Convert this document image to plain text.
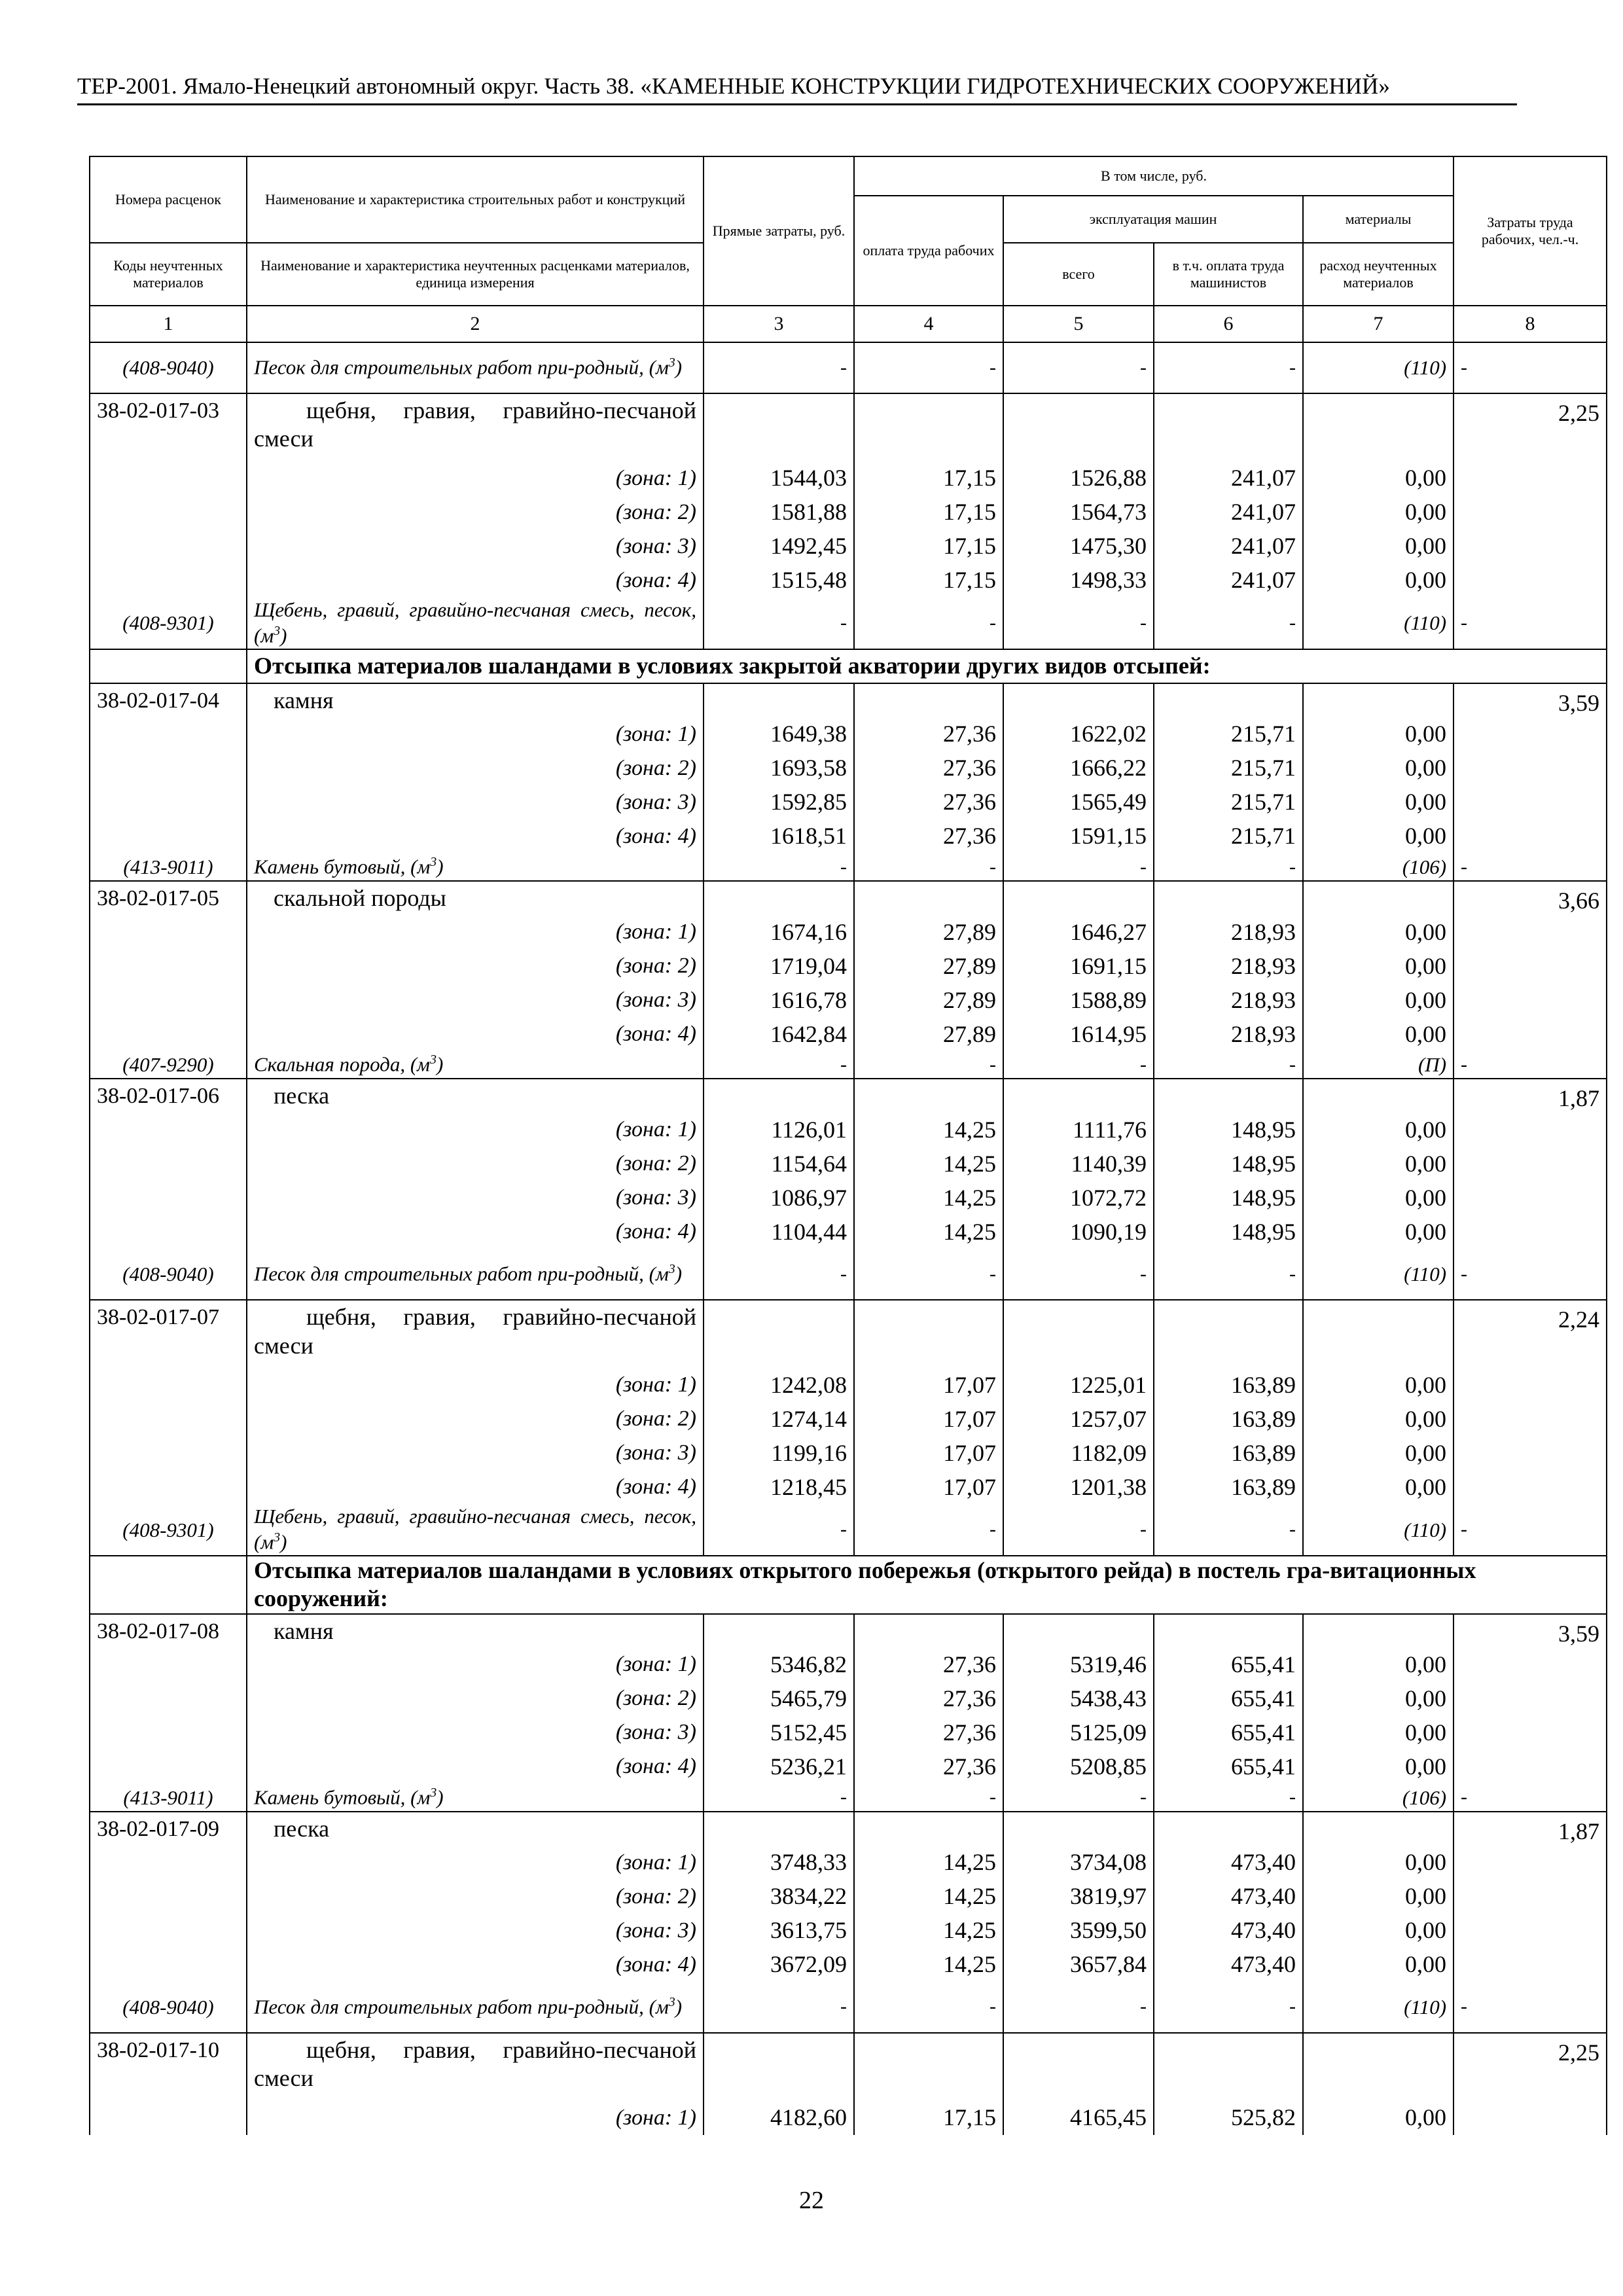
ТЕР-2001. Ямало-Ненецкий автономный округ. Часть 38. «КАМЕННЫЕ КОНСТРУКЦИИ ГИДРОТЕХНИЧЕСКИХ СООРУЖЕНИЙ»
Номера расценок	Наименование и характеристика строительных работ и конструкций	Прямые затраты, руб.	В том числе, руб.				Затраты труда рабочих, чел.-ч.
			оплата труда рабочих	эксплуатация машин		материалы	
Коды неучтенных материалов	Наименование и характеристика неучтенных расценками материалов, единица измерения			всего	в т.ч. оплата труда машинистов	расход неучтенных материалов	
1	2	3	4	5	6	7	8
(408-9040)	Песок для строительных работ при-родный, $(м^3)$	-	-	-	-	(110)	-
38-02-017-03	щебня, гравия, гравийно-песчаной смеси						2,25
	(зона: 1)	1544,03	17,15	1526,88	241,07	0,00	
	(зона: 2)	1581,88	17,15	1564,73	241,07	0,00	
	(зона: 3)	1492,45	17,15	1475,30	241,07	0,00	
	(зона: 4)	1515,48	17,15	1498,33	241,07	0,00	
(408-9301)	Щебень, гравий, гравийно-песчаная смесь, песок, $(м^3)$	-	-	-	-	(110)	-
	Отсыпка материалов шаландами в условиях закрытой акватории других видов отсыпей:						
38-02-017-04	камня						3,59
	(зона: 1)	1649,38	27,36	1622,02	215,71	0,00	
	(зона: 2)	1693,58	27,36	1666,22	215,71	0,00	
	(зона: 3)	1592,85	27,36	1565,49	215,71	0,00	
	(зона: 4)	1618,51	27,36	1591,15	215,71	0,00	
(413-9011)	Камень бутовый, $(м^3)$	-	-	-	-	(106)	-
38-02-017-05	скальной породы						3,66
	(зона: 1)	1674,16	27,89	1646,27	218,93	0,00	
	(зона: 2)	1719,04	27,89	1691,15	218,93	0,00	
	(зона: 3)	1616,78	27,89	1588,89	218,93	0,00	
	(зона: 4)	1642,84	27,89	1614,95	218,93	0,00	
(407-9290)	Скальная порода, $(м^3)$	-	-	-	-	(П)	-
38-02-017-06	песка						1,87
	(зона: 1)	1126,01	14,25	1111,76	148,95	0,00	
	(зона: 2)	1154,64	14,25	1140,39	148,95	0,00	
	(зона: 3)	1086,97	14,25	1072,72	148,95	0,00	
	(зона: 4)	1104,44	14,25	1090,19	148,95	0,00	
(408-9040)	Песок для строительных работ при-родный, $(м^3)$	-	-	-	-	(110)	-
38-02-017-07	щебня, гравия, гравийно-песчаной смеси						2,24
	(зона: 1)	1242,08	17,07	1225,01	163,89	0,00	
	(зона: 2)	1274,14	17,07	1257,07	163,89	0,00	
	(зона: 3)	1199,16	17,07	1182,09	163,89	0,00	
	(зона: 4)	1218,45	17,07	1201,38	163,89	0,00	
(408-9301)	Щебень, гравий, гравийно-песчаная смесь, песок, $(м^3)$	-	-	-	-	(110)	-
	Отсыпка материалов шаландами в условиях открытого побережья (открытого рейда) в постель гра-витационных сооружений:						
38-02-017-08	камня						3,59
	(зона: 1)	5346,82	27,36	5319,46	655,41	0,00	
	(зона: 2)	5465,79	27,36	5438,43	655,41	0,00	
	(зона: 3)	5152,45	27,36	5125,09	655,41	0,00	
	(зона: 4)	5236,21	27,36	5208,85	655,41	0,00	
(413-9011)	Камень бутовый, $(м^3)$	-	-	-	-	(106)	-
38-02-017-09	песка						1,87
	(зона: 1)	3748,33	14,25	3734,08	473,40	0,00	
	(зона: 2)	3834,22	14,25	3819,97	473,40	0,00	
	(зона: 3)	3613,75	14,25	3599,50	473,40	0,00	
	(зона: 4)	3672,09	14,25	3657,84	473,40	0,00	
(408-9040)	Песок для строительных работ при-родный, $(м^3)$	-	-	-	-	(110)	-
38-02-017-10	щебня, гравия, гравийно-песчаной смеси						2,25
	(зона: 1)	4182,60	17,15	4165,45	525,82	0,00	
22
